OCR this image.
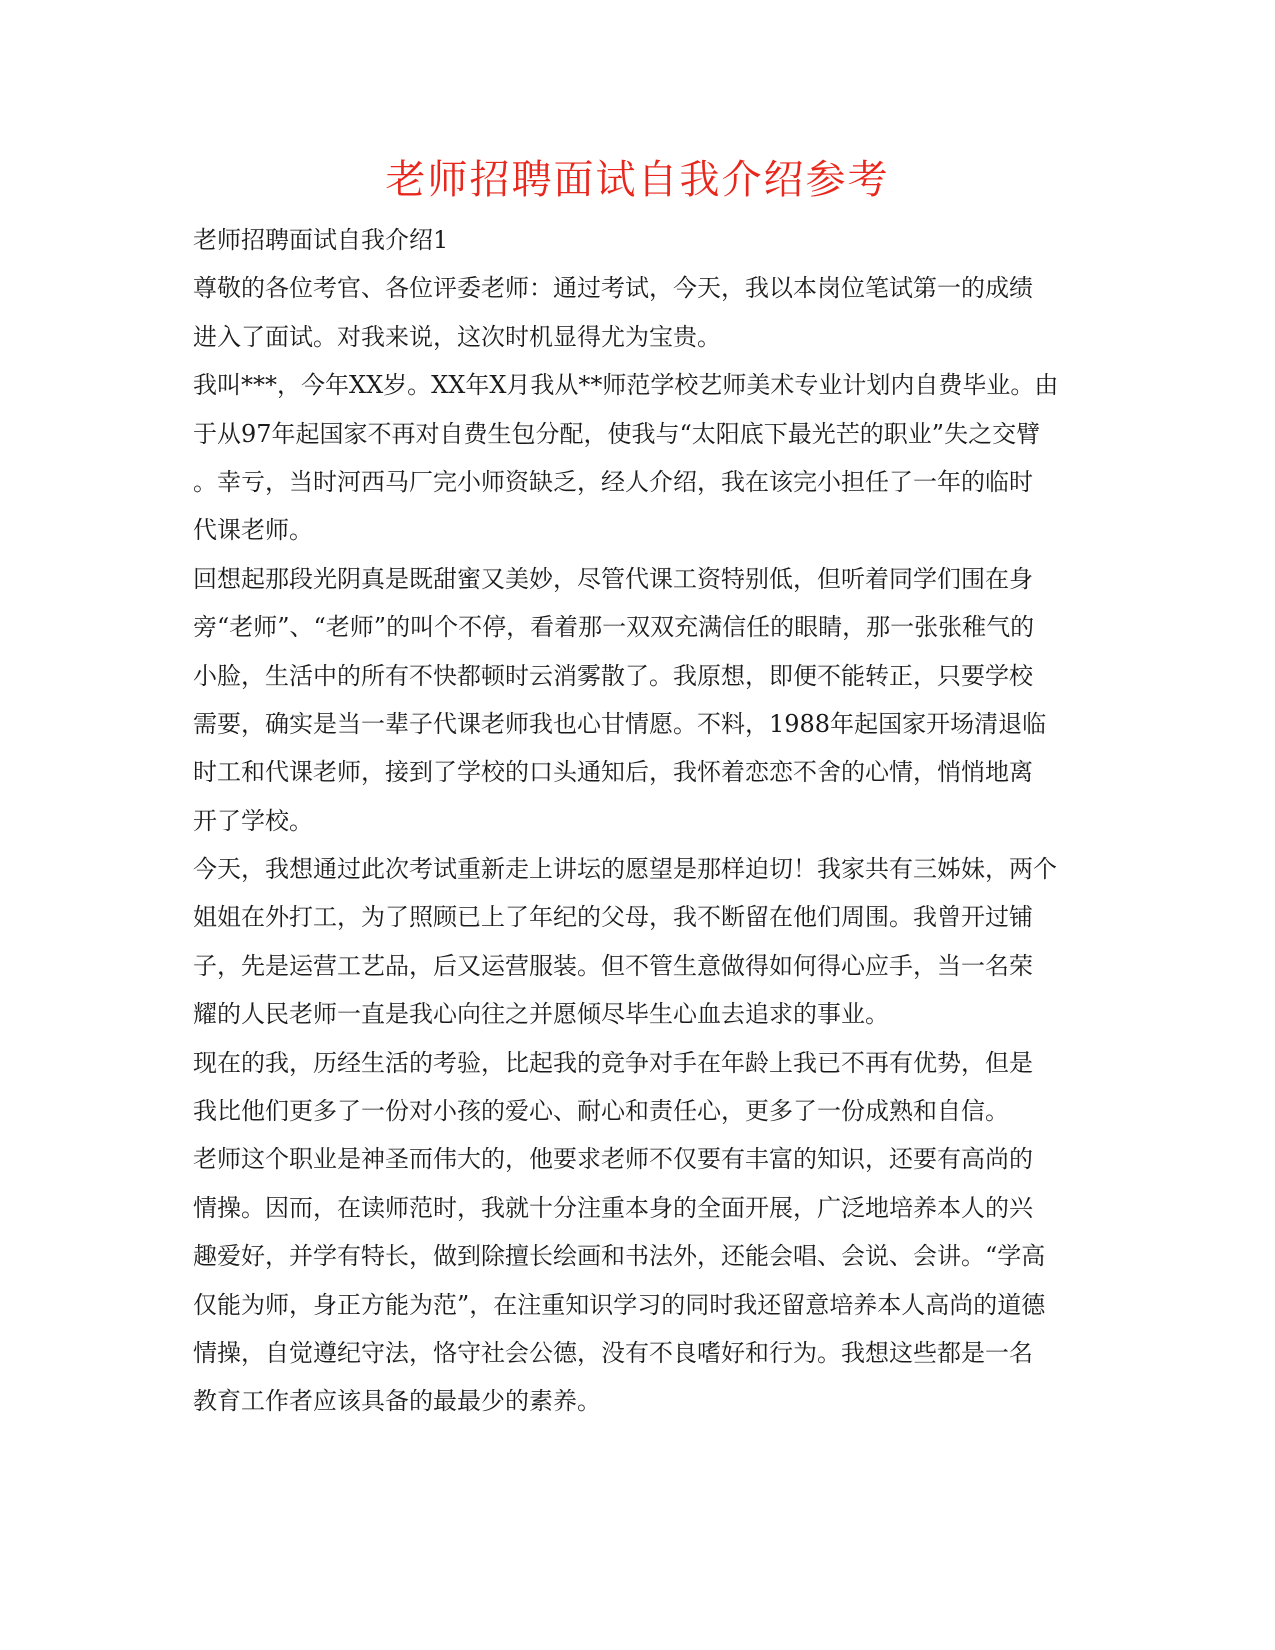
老师招聘面试自我介绍参考
老师招聘面试自我介绍1
尊敬的各位考官、各位评委老师：通过考试，今天，我以本岗位笔试第一的成绩
进入了面试。对我来说，这次时机显得尤为宝贵。
我叫***，今年XX岁。XX年X月我从**师范学校艺师美术专业计划内自费毕业。由
于从97年起国家不再对自费生包分配，使我与“太阳底下最光芒的职业”失之交臂
。幸亏，当时河西马厂完小师资缺乏，经人介绍，我在该完小担任了一年的临时
代课老师。
回想起那段光阴真是既甜蜜又美妙，尽管代课工资特别低，但听着同学们围在身
旁“老师”、“老师”的叫个不停，看着那一双双充满信任的眼睛，那一张张稚气的
小脸，生活中的所有不快都顿时云消雾散了。我原想，即便不能转正，只要学校
需要，确实是当一辈子代课老师我也心甘情愿。不料，1988年起国家开场清退临
时工和代课老师，接到了学校的口头通知后，我怀着恋恋不舍的心情，悄悄地离
开了学校。
今天，我想通过此次考试重新走上讲坛的愿望是那样迫切！我家共有三姊妹，两个
姐姐在外打工，为了照顾已上了年纪的父母，我不断留在他们周围。我曾开过铺
子，先是运营工艺品，后又运营服装。但不管生意做得如何得心应手，当一名荣
耀的人民老师一直是我心向往之并愿倾尽毕生心血去追求的事业。
现在的我，历经生活的考验，比起我的竞争对手在年龄上我已不再有优势，但是
我比他们更多了一份对小孩的爱心、耐心和责任心，更多了一份成熟和自信。
老师这个职业是神圣而伟大的，他要求老师不仅要有丰富的知识，还要有高尚的
情操。因而，在读师范时，我就十分注重本身的全面开展，广泛地培养本人的兴
趣爱好，并学有特长，做到除擅长绘画和书法外，还能会唱、会说、会讲。“学高
仅能为师，身正方能为范”，在注重知识学习的同时我还留意培养本人高尚的道德
情操，自觉遵纪守法，恪守社会公德，没有不良嗜好和行为。我想这些都是一名
教育工作者应该具备的最最少的素养。
